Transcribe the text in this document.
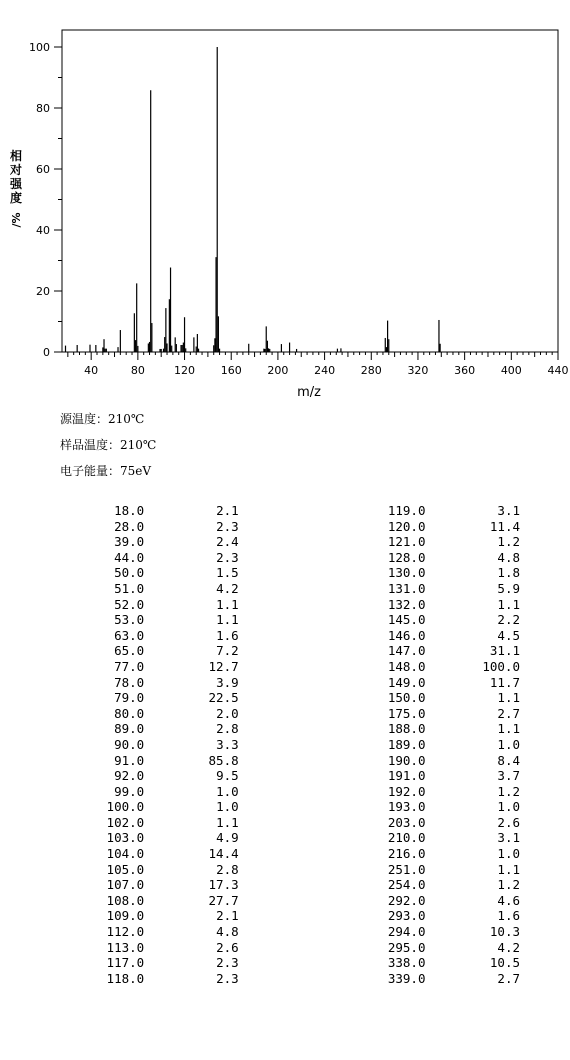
0
20
40
60
80
100
40	80	120 160 200 240 280 320 360 400 440
m/z
相对强度
/%
源温度：210℃
样品温度：210℃
电子能量：75eV
18.0	2.1		119.0	3.1
28.0	2.3		120.0	11.4
39.0	2.4		121.0	1.2
44.0	2.3		128.0	4.8
50.0	1.5		130.0	1.8
51.0	4.2		131.0	5.9
52.0	1.1		132.0	1.1
53.0	1.1		145.0	2.2
63.0	1.6		146.0	4.5
65.0	7.2		147.0	31.1
77.0	12.7		148.0	100.0
78.0	3.9		149.0	11.7
79.0	22.5		150.0	1.1
80.0	2.0		175.0	2.7
89.0	2.8		188.0	1.1
90.0	3.3		189.0	1.0
91.0	85.8		190.0	8.4
92.0	9.5		191.0	3.7
99.0	1.0		192.0	1.2
100.0	1.0		193.0	1.0
102.0	1.1		203.0	2.6
103.0	4.9		210.0	3.1
104.0	14.4		216.0	1.0
105.0	2.8		251.0	1.1
107.0	17.3		254.0	1.2
108.0	27.7		292.0	4.6
109.0	2.1		293.0	1.6
112.0	4.8		294.0	10.3
113.0	2.6		295.0	4.2
117.0	2.3		338.0	10.5
118.0	2.3		339.0	2.7
